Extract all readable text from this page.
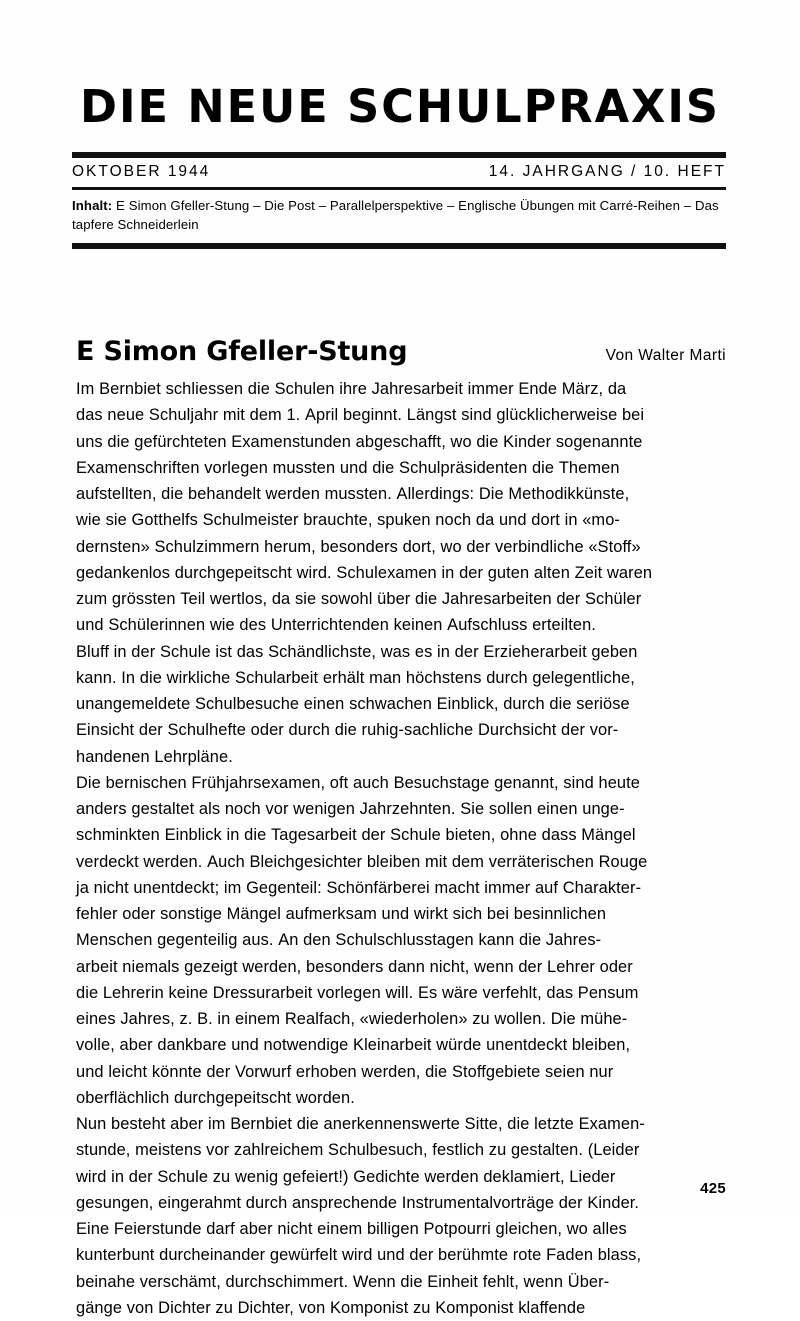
DIE NEUE SCHULPRAXIS
OKTOBER 1944	14. JAHRGANG / 10. HEFT
Inhalt: E Simon Gfeller-Stung – Die Post – Parallelperspektive – Englische Übungen mit Carré-Reihen – Das tapfere Schneiderlein
E Simon Gfeller-Stung	Von Walter Marti

Im Bernbiet schliessen die Schulen ihre Jahresarbeit immer Ende März, da
das neue Schuljahr mit dem 1. April beginnt. Längst sind glücklicherweise bei
uns die gefürchteten Examenstunden abgeschafft, wo die Kinder sogenannte
Examenschriften vorlegen mussten und die Schulpräsidenten die Themen
aufstellten, die behandelt werden mussten. Allerdings: Die Methodikkünste,
wie sie Gotthelfs Schulmeister brauchte, spuken noch da und dort in «mo-
dernsten» Schulzimmern herum, besonders dort, wo der verbindliche «Stoff»
gedankenlos durchgepeitscht wird. Schulexamen in der guten alten Zeit waren
zum grössten Teil wertlos, da sie sowohl über die Jahresarbeiten der Schüler
und Schülerinnen wie des Unterrichtenden keinen Aufschluss erteilten.
Bluff in der Schule ist das Schändlichste, was es in der Erzieherarbeit geben
kann. In die wirkliche Schularbeit erhält man höchstens durch gelegentliche,
unangemeldete Schulbesuche einen schwachen Einblick, durch die seriöse
Einsicht der Schulhefte oder durch die ruhig-sachliche Durchsicht der vor-
handenen Lehrpläne.

Die bernischen Frühjahrsexamen, oft auch Besuchstage genannt, sind heute
anders gestaltet als noch vor wenigen Jahrzehnten. Sie sollen einen unge-
schminkten Einblick in die Tagesarbeit der Schule bieten, ohne dass Mängel
verdeckt werden. Auch Bleichgesichter bleiben mit dem verräterischen Rouge
ja nicht unentdeckt; im Gegenteil: Schönfärberei macht immer auf Charakter-
fehler oder sonstige Mängel aufmerksam und wirkt sich bei besinnlichen
Menschen gegenteilig aus. An den Schulschlusstagen kann die Jahres-
arbeit niemals gezeigt werden, besonders dann nicht, wenn der Lehrer oder
die Lehrerin keine Dressurarbeit vorlegen will. Es wäre verfehlt, das Pensum
eines Jahres, z. B. in einem Realfach, «wiederholen» zu wollen. Die mühe-
volle, aber dankbare und notwendige Kleinarbeit würde unentdeckt bleiben,
und leicht könnte der Vorwurf erhoben werden, die Stoffgebiete seien nur
oberflächlich durchgepeitscht worden.

Nun besteht aber im Bernbiet die anerkennenswerte Sitte, die letzte Examen-
stunde, meistens vor zahlreichem Schulbesuch, festlich zu gestalten. (Leider
wird in der Schule zu wenig gefeiert!) Gedichte werden deklamiert, Lieder
gesungen, eingerahmt durch ansprechende Instrumentalvorträge der Kinder.
Eine Feierstunde darf aber nicht einem billigen Potpourri gleichen, wo alles
kunterbunt durcheinander gewürfelt wird und der berühmte rote Faden blass,
beinahe verschämt, durchschimmert. Wenn die Einheit fehlt, wenn Über-
gänge von Dichter zu Dichter, von Komponist zu Komponist klaffende

425
